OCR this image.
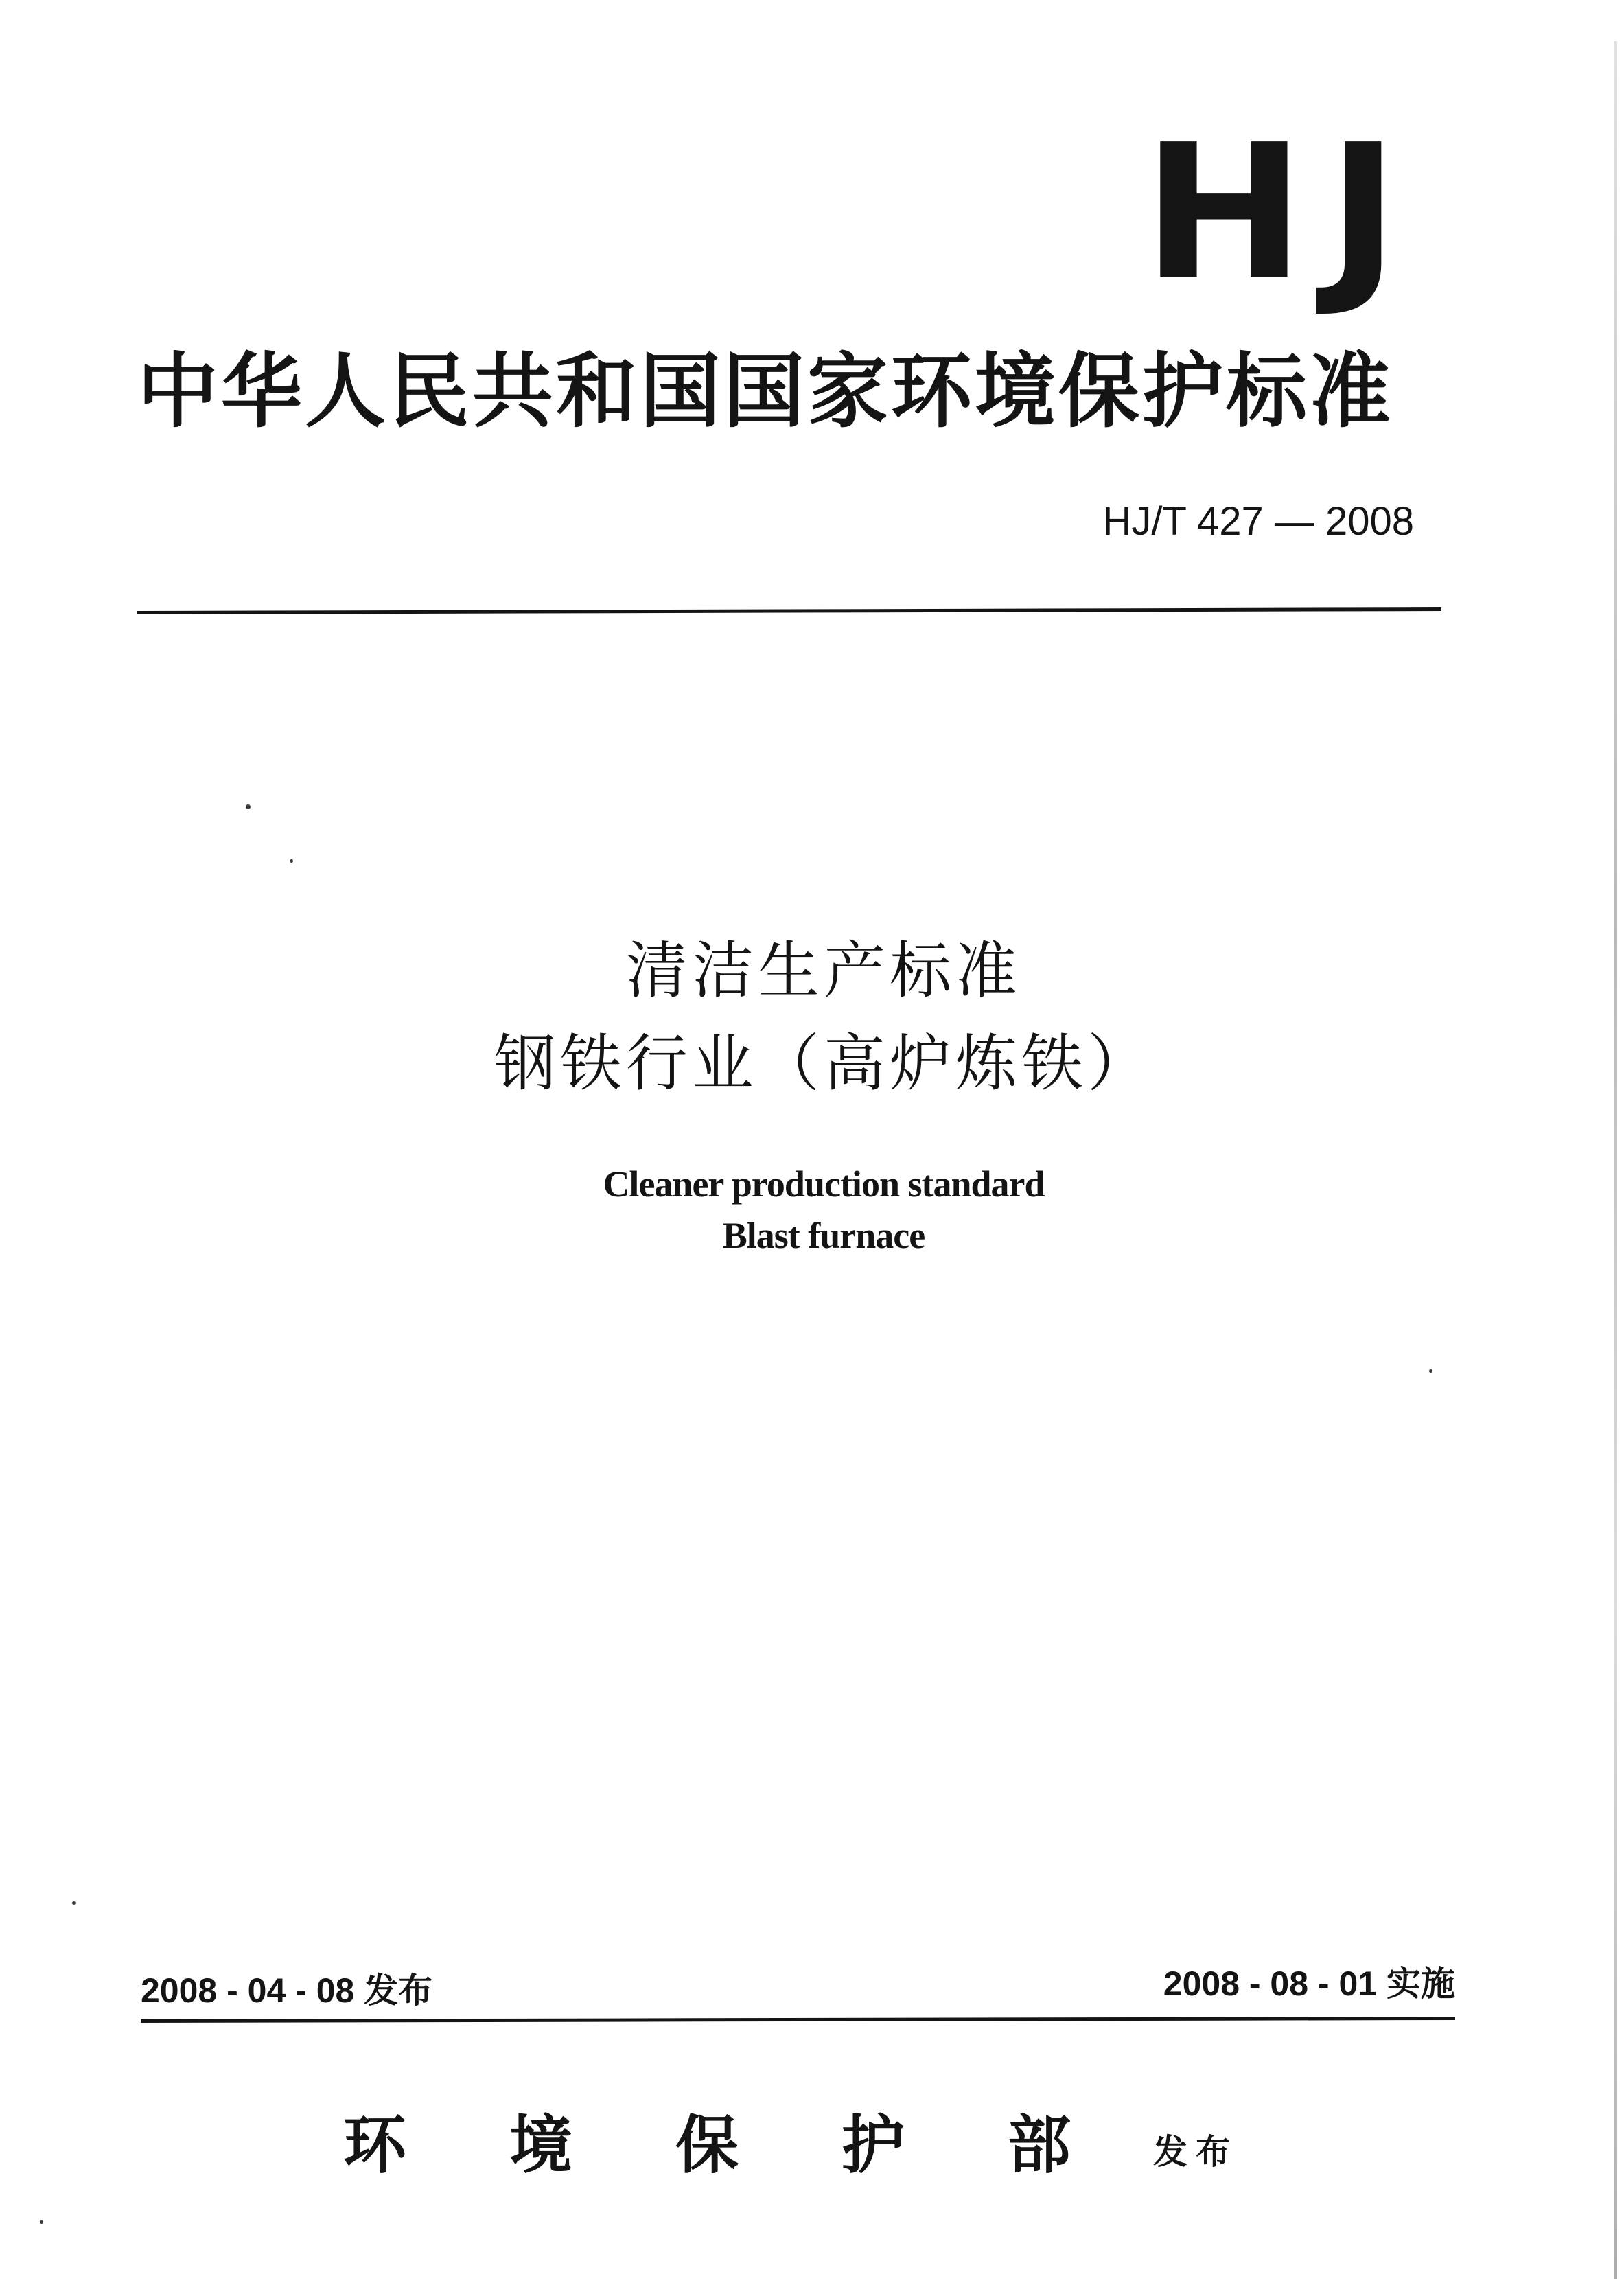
HJ
中华人民共和国国家环境保护标准
HJ/T 427 — 2008
清洁生产标准
钢铁行业（高炉炼铁）
Cleaner production standard
Blast furnace
2008 - 04 - 08 发布	2008 - 08 - 01 实施
环境保护部
发布
